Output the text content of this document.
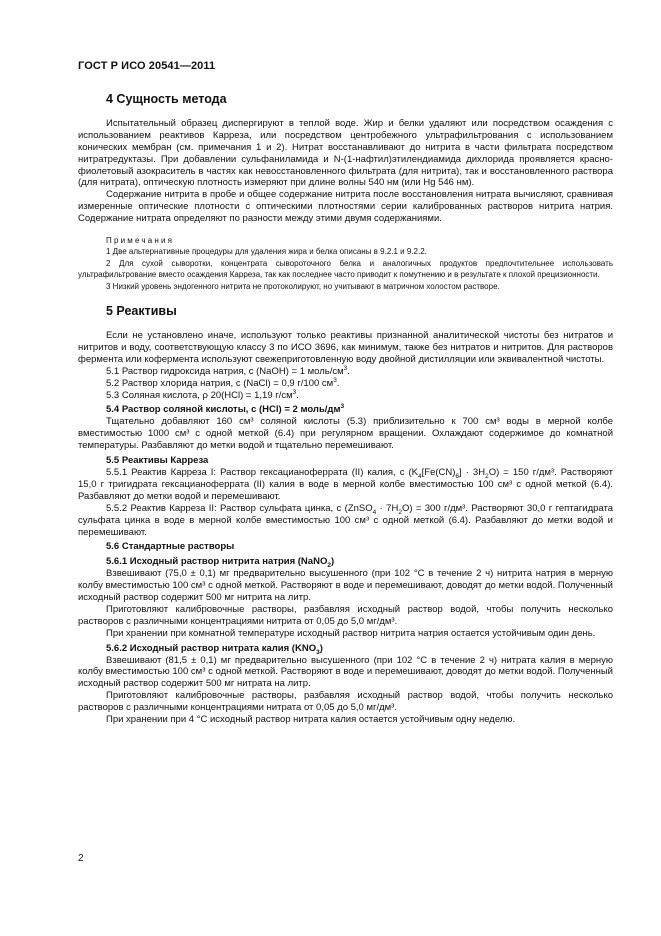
ГОСТ Р ИСО 20541—2011
4 Сущность метода

Испытательный образец диспергируют в теплой воде. Жир и белки удаляют или посредством осаждения с использованием реактивов Карреза, или посредством центробежного ультрафильтрования с использованием конических мембран (см. примечания 1 и 2). Нитрат восстанавливают до нитрита в части фильтрата посредством нитратредуктазы. При добавлении сульфаниламида и N-(1-нафтил)этилендиамида дихлорида проявляется красно-фиолетовый азокраситель в частях как невосстановленного фильтрата (для нитрита), так и восстановленного раствора (для нитрата), оптическую плотность измеряют при длине волны 540 нм (или Hg 546 нм).

Содержание нитрита в пробе и общее содержание нитрита после восстановления нитрата вычисляют, сравнивая измеренные оптические плотности с оптическими плотностями серии калиброванных растворов нитрита натрия. Содержание нитрата определяют по разности между этими двумя содержаниями.

Примечания

1 Две альтернативные процедуры для удаления жира и белка описаны в 9.2.1 и 9.2.2.

2 Для сухой сыворотки, концентрата сывороточного белка и аналогичных продуктов предпочтительнее использовать ультрафильтрование вместо осаждения Карреза, так как последнее часто приводит к помутнению и в результате к плохой прецизионности.

3 Низкий уровень эндогенного нитрита не протоколируют, но учитывают в матричном холостом растворе.

5 Реактивы

Если не установлено иначе, используют только реактивы признанной аналитической чистоты без нитратов и нитритов и воду, соответствующую классу 3 по ИСО 3696, как минимум, также без нитратов и нитритов. Для растворов фермента или кофермента используют свежеприготовленную воду двойной дистилляции или эквивалентной чистоты.

5.1 Раствор гидроксида натрия, c (NaOH) = 1 моль/$см^3$.

5.2 Раствор хлорида натрия, c (NaCl) = 0,9 г/100 $см^3$.

5.3 Соляная кислота, ρ 20(HCl) = 1,19 $г/см^3$.

5.4 Раствор соляной кислоты, c (HCl) = 2 моль/$дм^3$

Тщательно добавляют 160 см³ соляной кислоты (5.3) приблизительно к 700 см³ воды в мерной колбе вместимостью 1000 см³ с одной меткой (6.4) при регулярном вращении. Охлаждают содержимое до комнатной температуры. Разбавляют до метки водой и тщательно перемешивают.

5.5 Реактивы Карреза

5.5.1 Реактив Карреза I: Раствор гексацианоферрата (II) калия, c $(K_4[Fe(CN)_6] \cdot 3H_2O) = 150$ г/дм³. Растворяют 15,0 г тригидрата гексацианоферрата (II) калия в воде в мерной колбе вместимостью 100 см³ с одной меткой (6.4). Разбавляют до метки водой и перемешивают.

5.5.2 Реактив Карреза II: Раствор сульфата цинка, c (ZnSO$_4$ · $7H_2O) = 300$ г/дм³. Растворяют 30,0 г гептагидрата сульфата цинка в воде в мерной колбе вместимостью 100 см³ с одной меткой (6.4). Разбавляют до метки водой и перемешивают.

5.6 Стандартные растворы

5.6.1 Исходный раствор нитрита натрия (NaNO$_2$)

Взвешивают (75,0 ± 0,1) мг предварительно высушенного (при 102 °C в течение 2 ч) нитрита натрия в мерную колбу вместимостью 100 см³ с одной меткой. Растворяют в воде и перемешивают, доводят до метки водой. Полученный исходный раствор содержит 500 мг нитрита на литр.

Приготовляют калибровочные растворы, разбавляя исходный раствор водой, чтобы получить несколько растворов с различными концентрациями нитрита от 0,05 до 5,0 мг/дм³.

При хранении при комнатной температуре исходный раствор нитрита натрия остается устойчивым один день.

5.6.2 Исходный раствор нитрата калия $(KNO_3)$

Взвешивают (81,5 ± 0,1) мг предварительно высушенного (при 102 °C в течение 2 ч) нитрата калия в мерную колбу вместимостью 100 см³ с одной меткой. Растворяют в воде и перемешивают, доводят до метки водой. Полученный исходный раствор содержит 500 мг нитрата на литр.

Приготовляют калибровочные растворы, разбавляя исходный раствор водой, чтобы получить несколько растворов с различными концентрациями нитрата от 0,05 до 5,0 мг/дм³.

При хранении при 4 °C исходный раствор нитрата калия остается устойчивым одну неделю.

2
